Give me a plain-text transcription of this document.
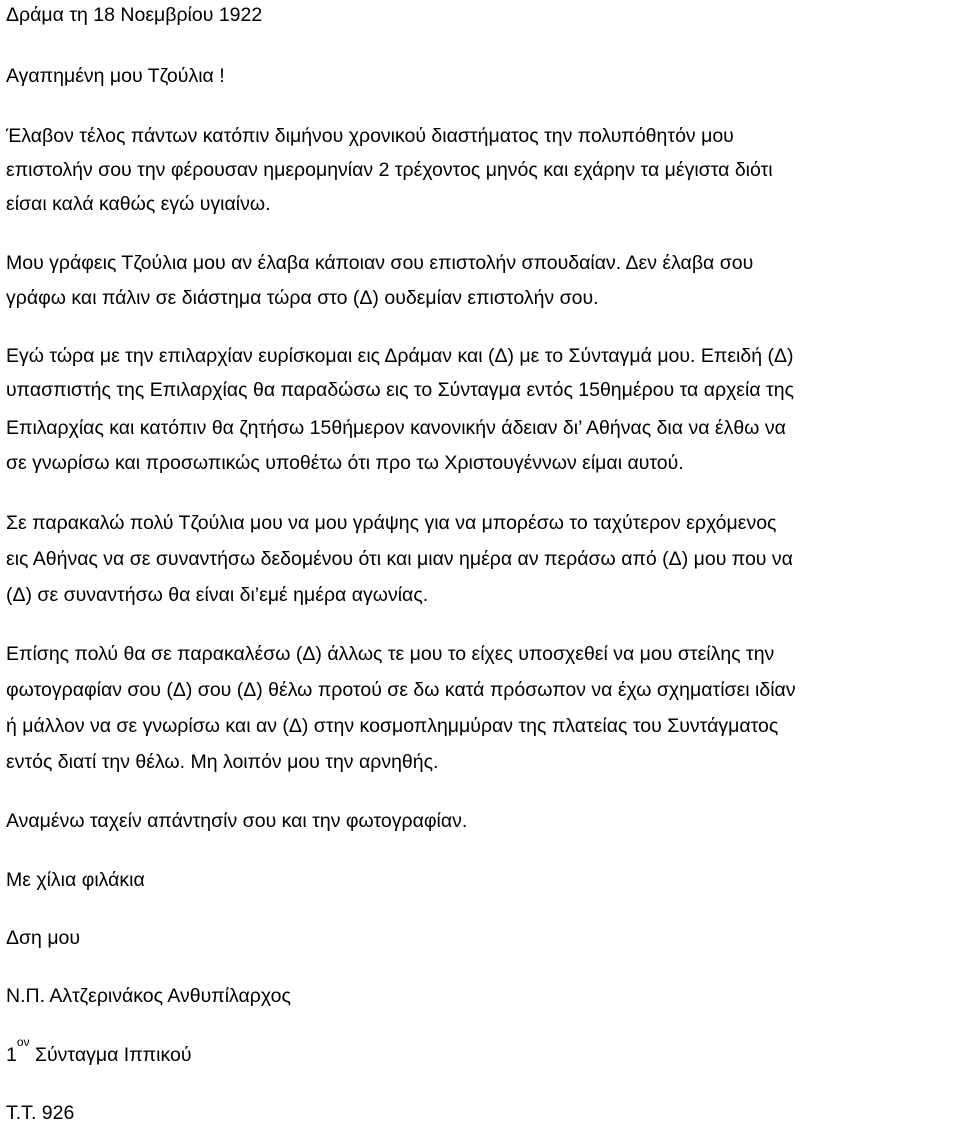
Δράμα τη 18 Νοεμβρίου 1922
Αγαπημένη μου Τζούλια !
Έλαβον τέλος πάντων κατόπιν διμήνου χρονικού διαστήματος την πολυπόθητόν μου
επιστολήν σου την φέρουσαν ημερομηνίαν 2 τρέχοντος μηνός και εχάρην τα μέγιστα διότι
είσαι καλά καθώς εγώ υγιαίνω.
Μου γράφεις Τζούλια μου αν έλαβα κάποιαν σου επιστολήν σπουδαίαν. Δεν έλαβα σου
γράφω και πάλιν σε διάστημα τώρα στο (Δ) ουδεμίαν επιστολήν σου.
Εγώ τώρα με την επιλαρχίαν ευρίσκομαι εις Δράμαν και (Δ) με το Σύνταγμά μου. Επειδή (Δ)
υπασπιστής της Επιλαρχίας θα παραδώσω εις το Σύνταγμα εντός 15θημέρου τα αρχεία της
Επιλαρχίας και κατόπιν θα ζητήσω 15θήμερον κανονικήν άδειαν δι’ Αθήνας δια να έλθω να
σε γνωρίσω και προσωπικώς υποθέτω ότι προ τω Χριστουγέννων είμαι αυτού.
Σε παρακαλώ πολύ Τζούλια μου να μου γράψης για να μπορέσω το ταχύτερον ερχόμενος
εις Αθήνας να σε συναντήσω δεδομένου ότι και μιαν ημέρα αν περάσω από (Δ) μου που να
(Δ) σε συναντήσω θα είναι δι’εμέ ημέρα αγωνίας.
Επίσης πολύ θα σε παρακαλέσω (Δ) άλλως τε μου το είχες υποσχεθεί να μου στείλης την
φωτογραφίαν σου (Δ) σου (Δ) θέλω προτού σε δω κατά πρόσωπον να έχω σχηματίσει ιδίαν
ή μάλλον να σε γνωρίσω και αν (Δ) στην κοσμοπλημμύραν της πλατείας του Συντάγματος
εντός διατί την θέλω. Μη λοιπόν μου την αρνηθής.
Αναμένω ταχείν απάντησίν σου και την φωτογραφίαν.
Με χίλια φιλάκια
Δση μου
Ν.Π. Αλτζερινάκος Ανθυπίλαρχος
$1^{o\nu}$ Σύνταγμα Ιππικού
Τ.Τ. 926
